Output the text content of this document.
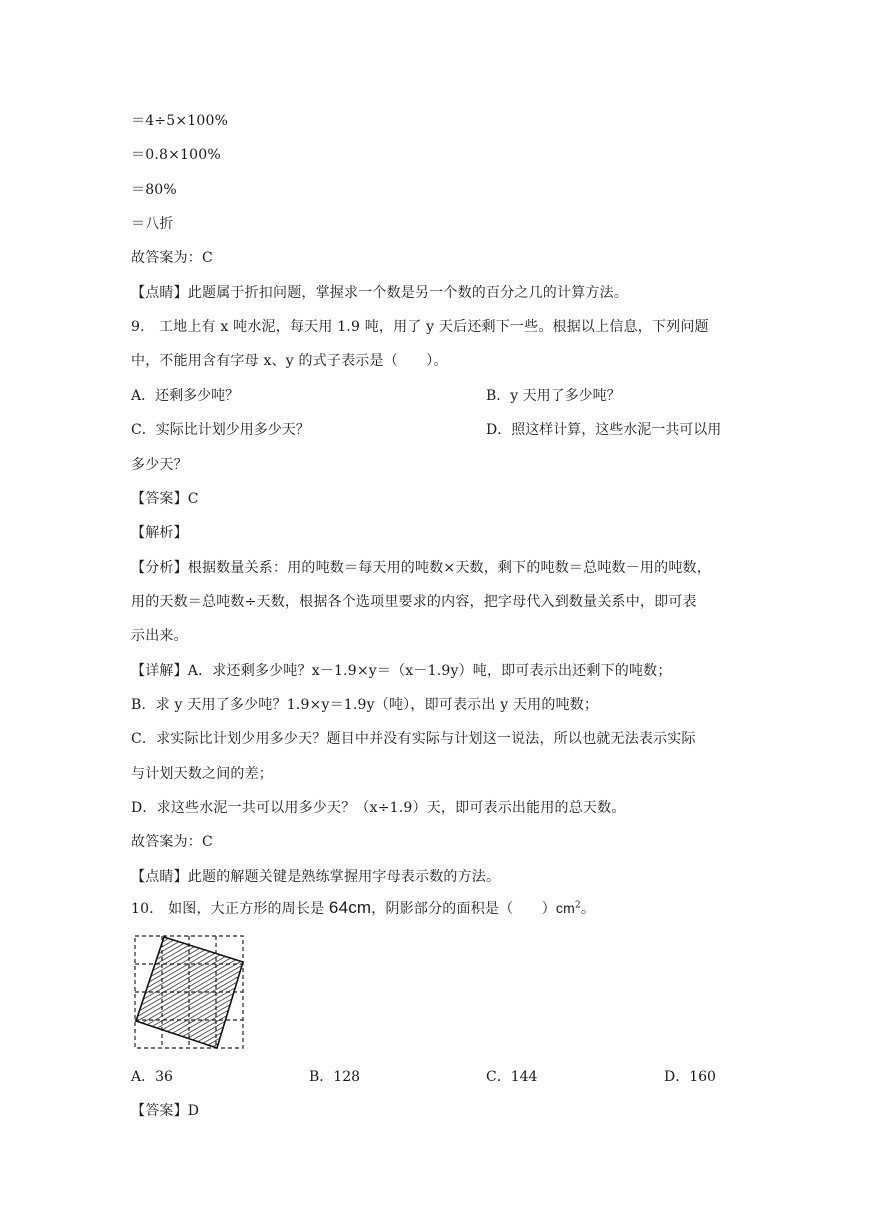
＝4÷5×100%
＝0.8×100%
＝80%
＝八折
故答案为：C
【点睛】此题属于折扣问题，掌握求一个数是另一个数的百分之几的计算方法。
9． 工地上有 x 吨水泥，每天用 1.9 吨，用了 y 天后还剩下一些。根据以上信息，下列问题
中，不能用含有字母 x、y 的式子表示是（　　）。
A．还剩多少吨？	B．y 天用了多少吨？
C．实际比计划少用多少天？	D．照这样计算，这些水泥一共可以用
多少天？
【答案】C
【解析】
【分析】根据数量关系：用的吨数＝每天用的吨数×天数，剩下的吨数＝总吨数－用的吨数，
用的天数＝总吨数÷天数，根据各个选项里要求的内容，把字母代入到数量关系中，即可表
示出来。
【详解】A．求还剩多少吨？x－1.9×y＝（x－1.9y）吨，即可表示出还剩下的吨数；
B．求 y 天用了多少吨？1.9×y＝1.9y（吨），即可表示出 y 天用的吨数；
C．求实际比计划少用多少天？题目中并没有实际与计划这一说法，所以也就无法表示实际
与计划天数之间的差；
D．求这些水泥一共可以用多少天？（x÷1.9）天，即可表示出能用的总天数。
故答案为：C
【点睛】此题的解题关键是熟练掌握用字母表示数的方法。
10． 如图，大正方形的周长是 64cm，阴影部分的面积是（　　）$cm^2$。
A．36	B．128	C．144	D．160
【答案】D
